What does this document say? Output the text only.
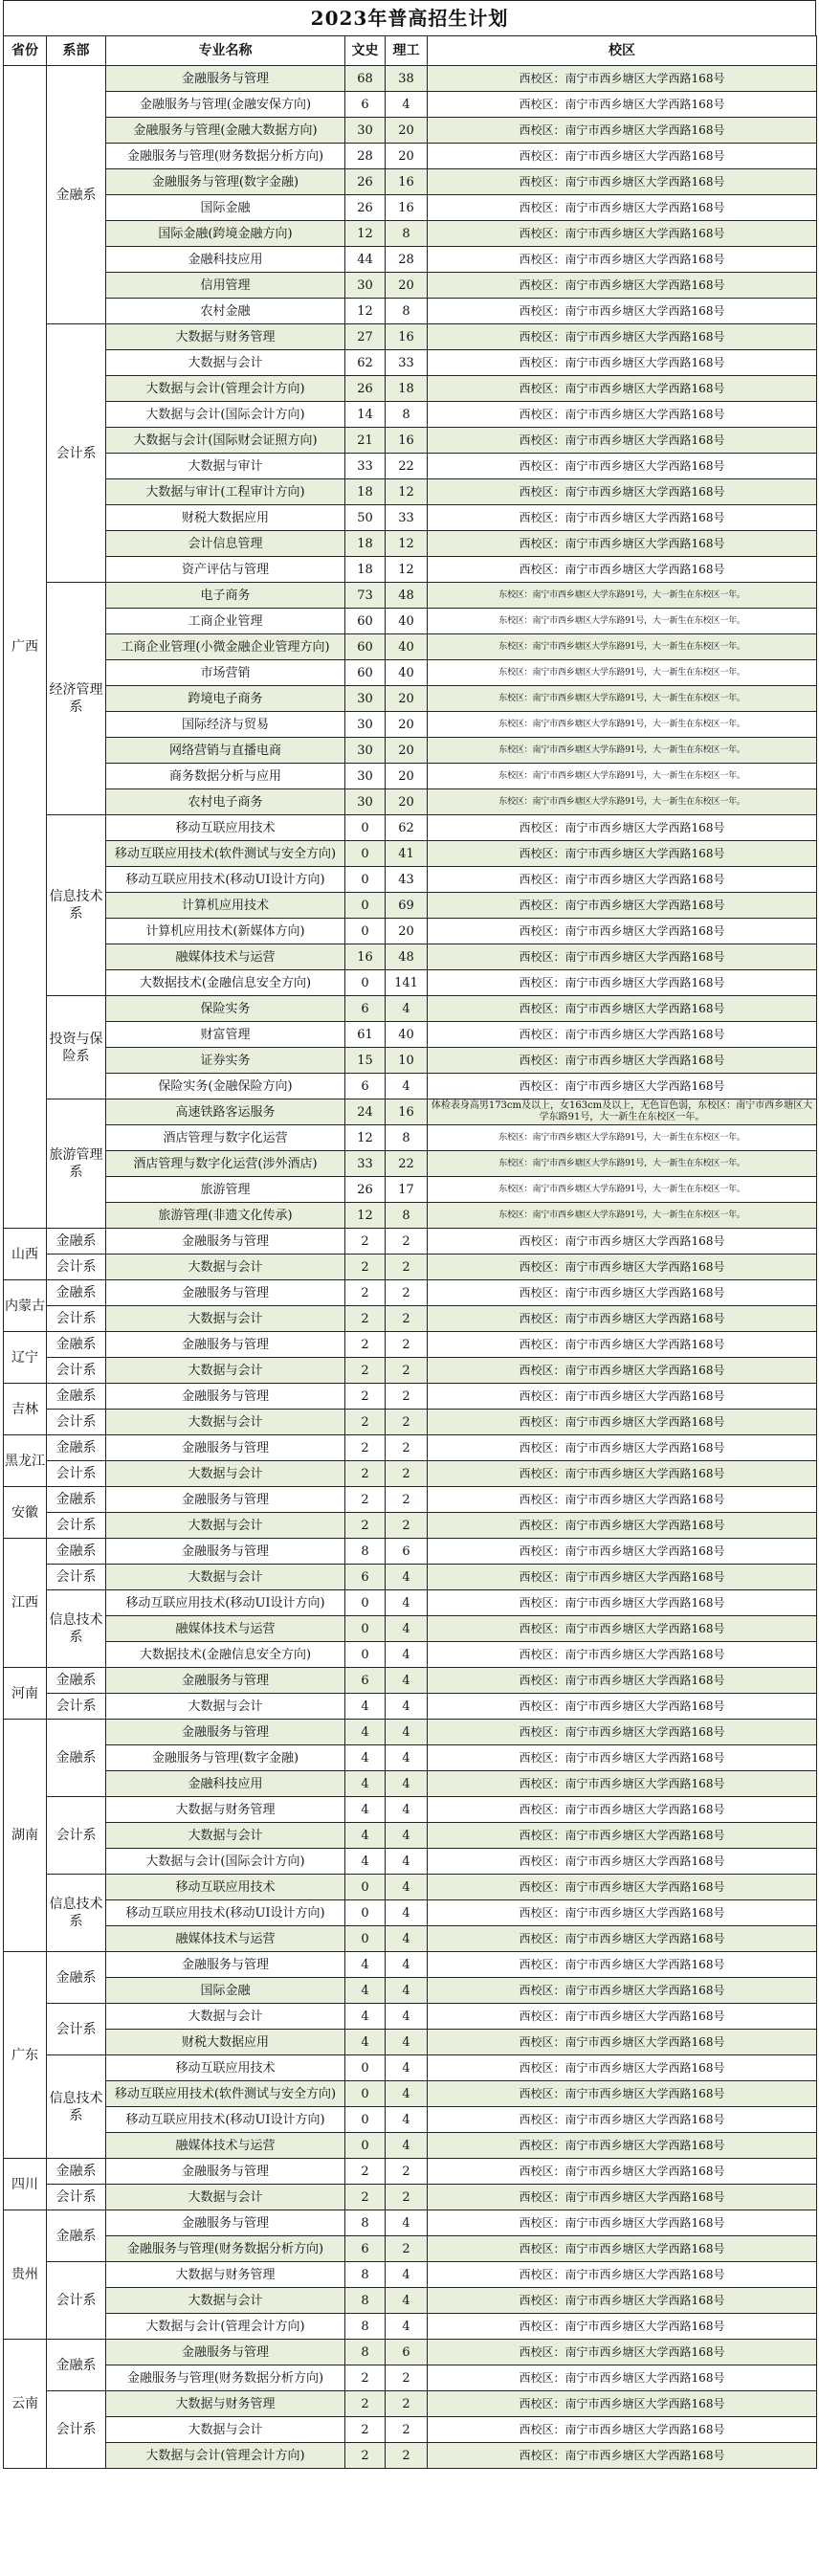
2023年普高招生计划
省份	系部	专业名称	文史	理工	校区
广西	金融系	金融服务与管理	68	38	西校区：南宁市西乡塘区大学西路168号
		金融服务与管理(金融安保方向)	6	4	西校区：南宁市西乡塘区大学西路168号
		金融服务与管理(金融大数据方向)	30	20	西校区：南宁市西乡塘区大学西路168号
		金融服务与管理(财务数据分析方向)	28	20	西校区：南宁市西乡塘区大学西路168号
		金融服务与管理(数字金融)	26	16	西校区：南宁市西乡塘区大学西路168号
		国际金融	26	16	西校区：南宁市西乡塘区大学西路168号
		国际金融(跨境金融方向)	12	8	西校区：南宁市西乡塘区大学西路168号
		金融科技应用	44	28	西校区：南宁市西乡塘区大学西路168号
		信用管理	30	20	西校区：南宁市西乡塘区大学西路168号
		农村金融	12	8	西校区：南宁市西乡塘区大学西路168号
	会计系	大数据与财务管理	27	16	西校区：南宁市西乡塘区大学西路168号
		大数据与会计	62	33	西校区：南宁市西乡塘区大学西路168号
		大数据与会计(管理会计方向)	26	18	西校区：南宁市西乡塘区大学西路168号
		大数据与会计(国际会计方向)	14	8	西校区：南宁市西乡塘区大学西路168号
		大数据与会计(国际财会证照方向)	21	16	西校区：南宁市西乡塘区大学西路168号
		大数据与审计	33	22	西校区：南宁市西乡塘区大学西路168号
		大数据与审计(工程审计方向)	18	12	西校区：南宁市西乡塘区大学西路168号
		财税大数据应用	50	33	西校区：南宁市西乡塘区大学西路168号
		会计信息管理	18	12	西校区：南宁市西乡塘区大学西路168号
		资产评估与管理	18	12	西校区：南宁市西乡塘区大学西路168号
	经济管理系	电子商务	73	48	东校区：南宁市西乡塘区大学东路91号，大一新生在东校区一年。
		工商企业管理	60	40	东校区：南宁市西乡塘区大学东路91号，大一新生在东校区一年。
		工商企业管理(小微金融企业管理方向)	60	40	东校区：南宁市西乡塘区大学东路91号，大一新生在东校区一年。
		市场营销	60	40	东校区：南宁市西乡塘区大学东路91号，大一新生在东校区一年。
		跨境电子商务	30	20	东校区：南宁市西乡塘区大学东路91号，大一新生在东校区一年。
		国际经济与贸易	30	20	东校区：南宁市西乡塘区大学东路91号，大一新生在东校区一年。
		网络营销与直播电商	30	20	东校区：南宁市西乡塘区大学东路91号，大一新生在东校区一年。
		商务数据分析与应用	30	20	东校区：南宁市西乡塘区大学东路91号，大一新生在东校区一年。
		农村电子商务	30	20	东校区：南宁市西乡塘区大学东路91号，大一新生在东校区一年。
	信息技术系	移动互联应用技术	0	62	西校区：南宁市西乡塘区大学西路168号
		移动互联应用技术(软件测试与安全方向)	0	41	西校区：南宁市西乡塘区大学西路168号
		移动互联应用技术(移动UI设计方向)	0	43	西校区：南宁市西乡塘区大学西路168号
		计算机应用技术	0	69	西校区：南宁市西乡塘区大学西路168号
		计算机应用技术(新媒体方向)	0	20	西校区：南宁市西乡塘区大学西路168号
		融媒体技术与运营	16	48	西校区：南宁市西乡塘区大学西路168号
		大数据技术(金融信息安全方向)	0	141	西校区：南宁市西乡塘区大学西路168号
	投资与保险系	保险实务	6	4	西校区：南宁市西乡塘区大学西路168号
		财富管理	61	40	西校区：南宁市西乡塘区大学西路168号
		证券实务	15	10	西校区：南宁市西乡塘区大学西路168号
		保险实务(金融保险方向)	6	4	西校区：南宁市西乡塘区大学西路168号
	旅游管理系	高速铁路客运服务	24	16	体检表身高男173cm及以上，女163cm及以上，无色盲色弱，东校区：南宁市西乡塘区大学东路91号，大一新生在东校区一年。
		酒店管理与数字化运营	12	8	东校区：南宁市西乡塘区大学东路91号，大一新生在东校区一年。
		酒店管理与数字化运营(涉外酒店)	33	22	东校区：南宁市西乡塘区大学东路91号，大一新生在东校区一年。
		旅游管理	26	17	东校区：南宁市西乡塘区大学东路91号，大一新生在东校区一年。
		旅游管理(非遗文化传承)	12	8	东校区：南宁市西乡塘区大学东路91号，大一新生在东校区一年。
山西	金融系	金融服务与管理	2	2	西校区：南宁市西乡塘区大学西路168号
	会计系	大数据与会计	2	2	西校区：南宁市西乡塘区大学西路168号
内蒙古	金融系	金融服务与管理	2	2	西校区：南宁市西乡塘区大学西路168号
	会计系	大数据与会计	2	2	西校区：南宁市西乡塘区大学西路168号
辽宁	金融系	金融服务与管理	2	2	西校区：南宁市西乡塘区大学西路168号
	会计系	大数据与会计	2	2	西校区：南宁市西乡塘区大学西路168号
吉林	金融系	金融服务与管理	2	2	西校区：南宁市西乡塘区大学西路168号
	会计系	大数据与会计	2	2	西校区：南宁市西乡塘区大学西路168号
黑龙江	金融系	金融服务与管理	2	2	西校区：南宁市西乡塘区大学西路168号
	会计系	大数据与会计	2	2	西校区：南宁市西乡塘区大学西路168号
安徽	金融系	金融服务与管理	2	2	西校区：南宁市西乡塘区大学西路168号
	会计系	大数据与会计	2	2	西校区：南宁市西乡塘区大学西路168号
江西	金融系	金融服务与管理	8	6	西校区：南宁市西乡塘区大学西路168号
	会计系	大数据与会计	6	4	西校区：南宁市西乡塘区大学西路168号
	信息技术系	移动互联应用技术(移动UI设计方向)	0	4	西校区：南宁市西乡塘区大学西路168号
		融媒体技术与运营	0	4	西校区：南宁市西乡塘区大学西路168号
		大数据技术(金融信息安全方向)	0	4	西校区：南宁市西乡塘区大学西路168号
河南	金融系	金融服务与管理	6	4	西校区：南宁市西乡塘区大学西路168号
	会计系	大数据与会计	4	4	西校区：南宁市西乡塘区大学西路168号
湖南	金融系	金融服务与管理	4	4	西校区：南宁市西乡塘区大学西路168号
		金融服务与管理(数字金融)	4	4	西校区：南宁市西乡塘区大学西路168号
		金融科技应用	4	4	西校区：南宁市西乡塘区大学西路168号
	会计系	大数据与财务管理	4	4	西校区：南宁市西乡塘区大学西路168号
		大数据与会计	4	4	西校区：南宁市西乡塘区大学西路168号
		大数据与会计(国际会计方向)	4	4	西校区：南宁市西乡塘区大学西路168号
	信息技术系	移动互联应用技术	0	4	西校区：南宁市西乡塘区大学西路168号
		移动互联应用技术(移动UI设计方向)	0	4	西校区：南宁市西乡塘区大学西路168号
		融媒体技术与运营	0	4	西校区：南宁市西乡塘区大学西路168号
广东	金融系	金融服务与管理	4	4	西校区：南宁市西乡塘区大学西路168号
		国际金融	4	4	西校区：南宁市西乡塘区大学西路168号
	会计系	大数据与会计	4	4	西校区：南宁市西乡塘区大学西路168号
		财税大数据应用	4	4	西校区：南宁市西乡塘区大学西路168号
	信息技术系	移动互联应用技术	0	4	西校区：南宁市西乡塘区大学西路168号
		移动互联应用技术(软件测试与安全方向)	0	4	西校区：南宁市西乡塘区大学西路168号
		移动互联应用技术(移动UI设计方向)	0	4	西校区：南宁市西乡塘区大学西路168号
		融媒体技术与运营	0	4	西校区：南宁市西乡塘区大学西路168号
四川	金融系	金融服务与管理	2	2	西校区：南宁市西乡塘区大学西路168号
	会计系	大数据与会计	2	2	西校区：南宁市西乡塘区大学西路168号
贵州	金融系	金融服务与管理	8	4	西校区：南宁市西乡塘区大学西路168号
		金融服务与管理(财务数据分析方向)	6	2	西校区：南宁市西乡塘区大学西路168号
	会计系	大数据与财务管理	8	4	西校区：南宁市西乡塘区大学西路168号
		大数据与会计	8	4	西校区：南宁市西乡塘区大学西路168号
		大数据与会计(管理会计方向)	8	4	西校区：南宁市西乡塘区大学西路168号
云南	金融系	金融服务与管理	8	6	西校区：南宁市西乡塘区大学西路168号
		金融服务与管理(财务数据分析方向)	2	2	西校区：南宁市西乡塘区大学西路168号
	会计系	大数据与财务管理	2	2	西校区：南宁市西乡塘区大学西路168号
		大数据与会计	2	2	西校区：南宁市西乡塘区大学西路168号
		大数据与会计(管理会计方向)	2	2	西校区：南宁市西乡塘区大学西路168号
